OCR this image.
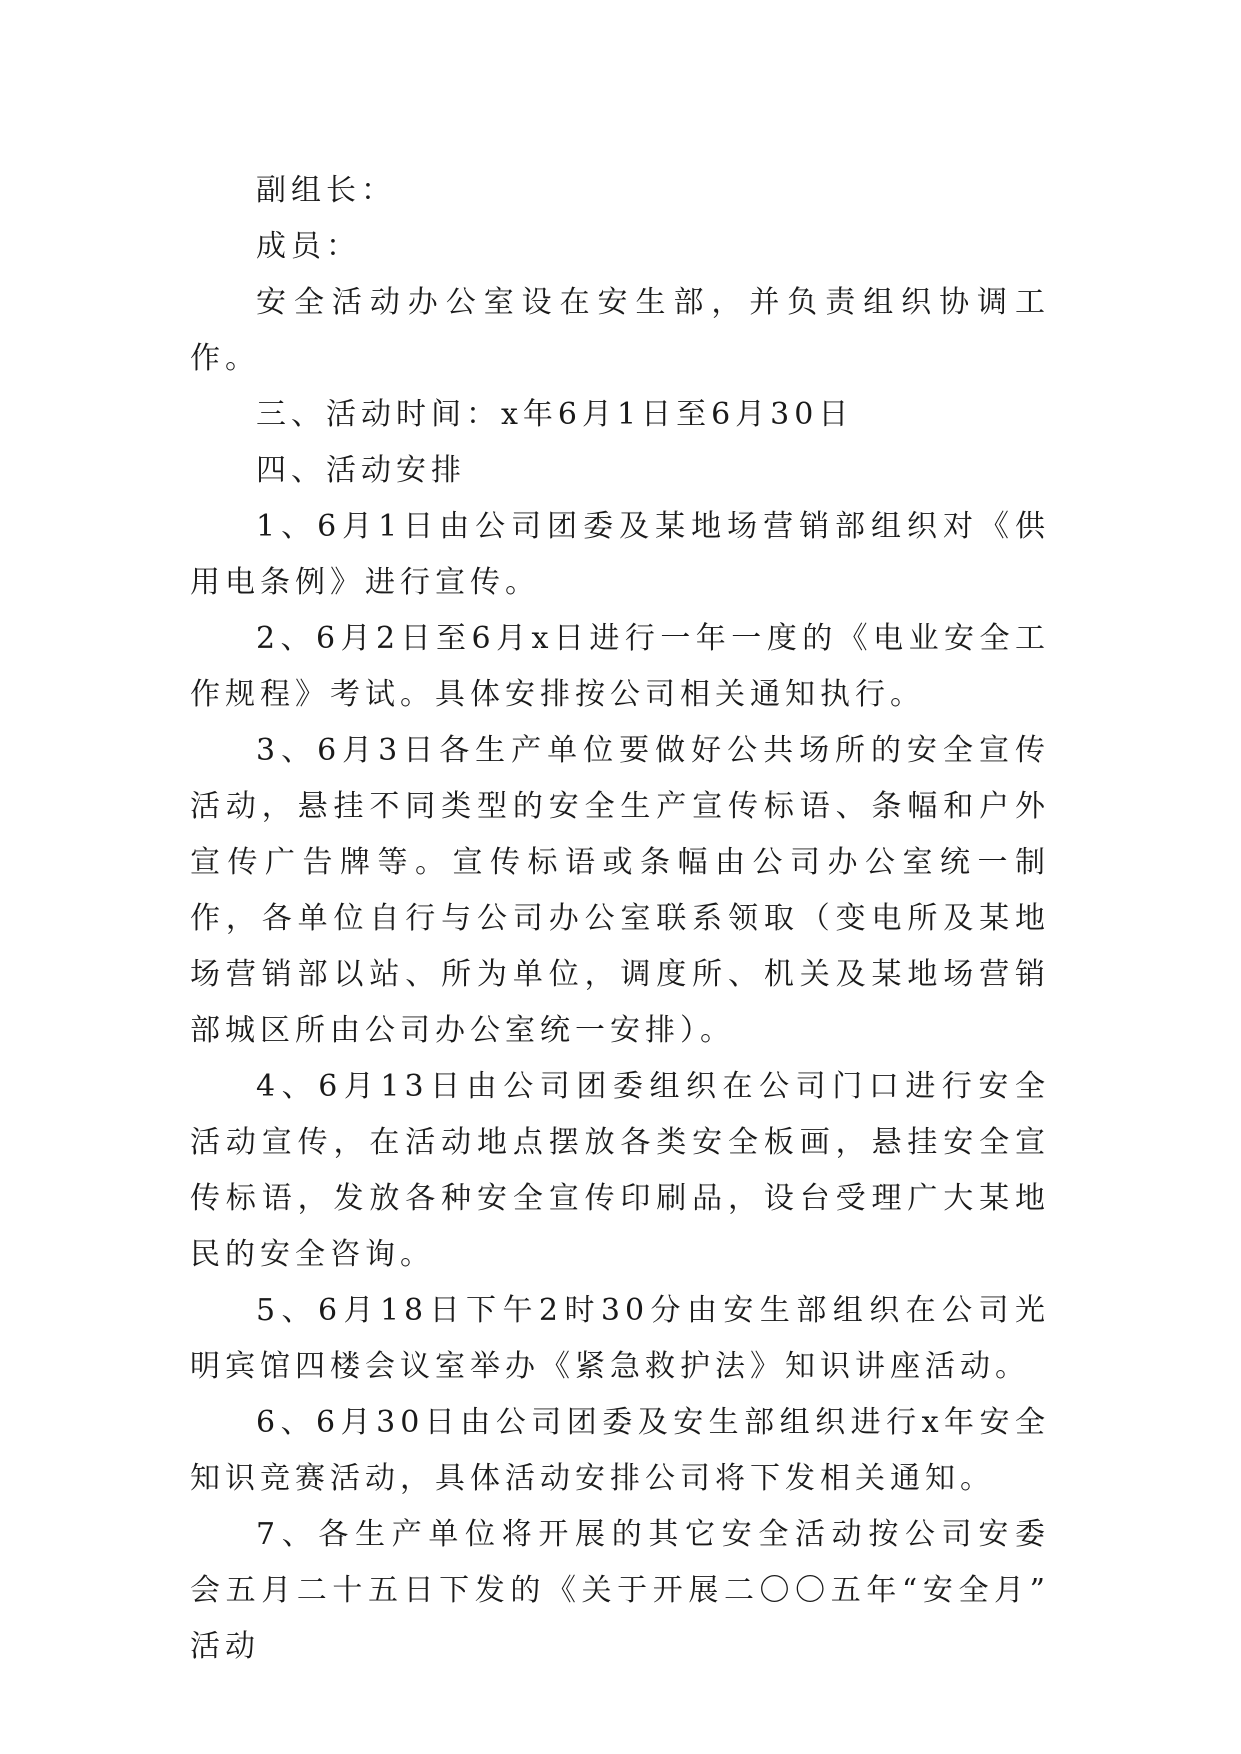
副组长：

成员：

安全活动办公室设在安生部，并负责组织协调工作。

三、活动时间：x年6月1日至6月30日

四、活动安排

1、6月1日由公司团委及某地场营销部组织对《供用电条例》进行宣传。

2、6月2日至6月x日进行一年一度的《电业安全工作规程》考试。具体安排按公司相关通知执行。

3、6月3日各生产单位要做好公共场所的安全宣传活动，悬挂不同类型的安全生产宣传标语、条幅和户外宣传广告牌等。宣传标语或条幅由公司办公室统一制作，各单位自行与公司办公室联系领取（变电所及某地场营销部以站、所为单位，调度所、机关及某地场营销部城区所由公司办公室统一安排）。

4、6月13日由公司团委组织在公司门口进行安全活动宣传，在活动地点摆放各类安全板画，悬挂安全宣传标语，发放各种安全宣传印刷品，设台受理广大某地民的安全咨询。

5、6月18日下午2时30分由安生部组织在公司光明宾馆四楼会议室举办《紧急救护法》知识讲座活动。

6、6月30日由公司团委及安生部组织进行x年安全知识竞赛活动，具体活动安排公司将下发相关通知。

7、各生产单位将开展的其它安全活动按公司安委会五月二十五日下发的《关于开展二〇〇五年“安全月” 活动
